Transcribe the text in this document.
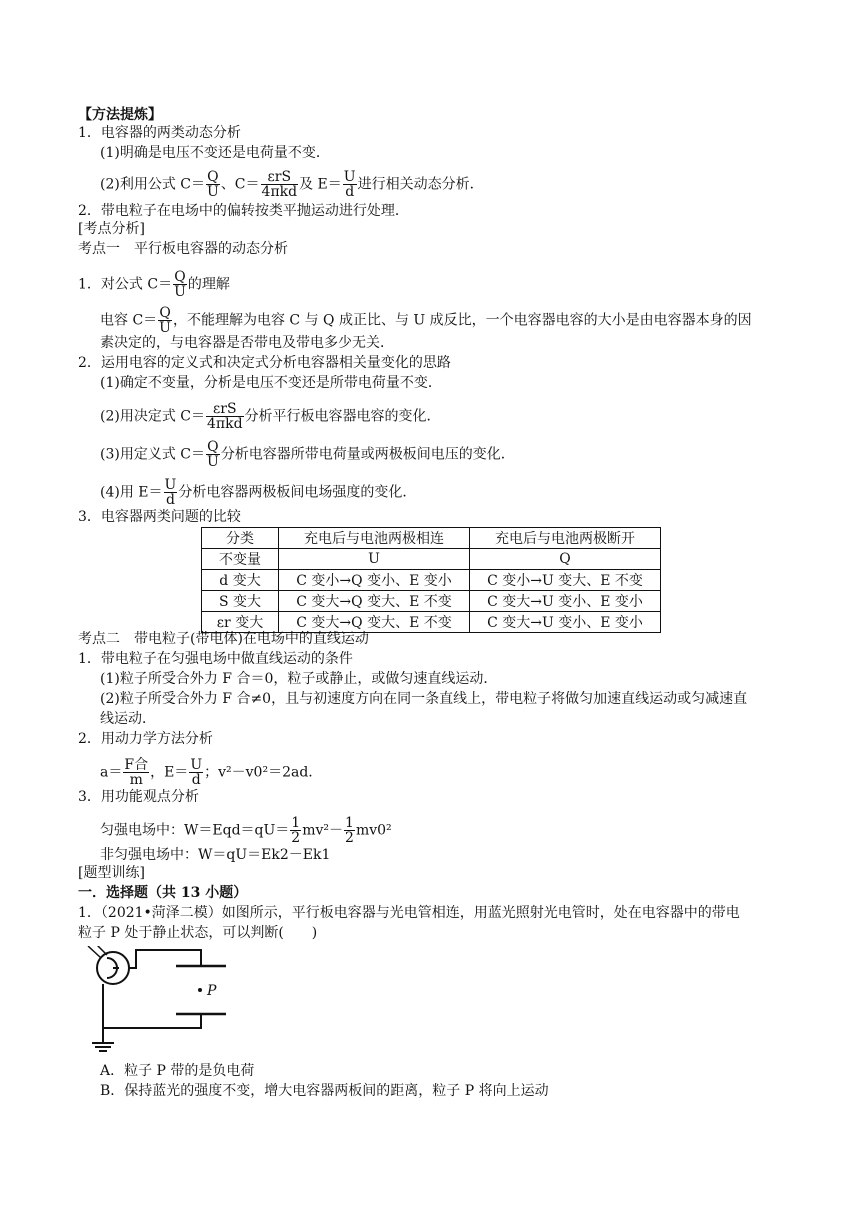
【方法提炼】
1．电容器的两类动态分析
(1)明确是电压不变还是电荷量不变．
(2)利用公式 $C= \frac{Q}{U}$ 、$C= \frac{\text{εrS}}{\text{4πkd}}$ 及 $E= \frac{U}{d}$ 进行相关动态分析．
2．带电粒子在电场中的偏转按类平抛运动进行处理．
[考点分析]
考点一　平行板电容器的动态分析
1．对公式 $C= \frac{Q}{U}$ 的理解
电容 $C= \frac{Q}{U}$ ，不能理解为电容 C 与 Q 成正比、与 U 成反比，一个电容器电容的大小是由电容器本身的因
素决定的，与电容器是否带电及带电多少无关．
2．运用电容的定义式和决定式分析电容器相关量变化的思路
(1)确定不变量，分析是电压不变还是所带电荷量不变．
(2)用决定式 $C= \frac{\text{εrS}}{\text{4πkd}}$ 分析平行板电容器电容的变化．
(3)用定义式 $C= \frac{Q}{U}$ 分析电容器所带电荷量或两极板间电压的变化．
(4)用 $E= \frac{U}{d}$ 分析电容器两极板间电场强度的变化．
3．电容器两类问题的比较
分类	充电后与电池两极相连	充电后与电池两极断开
不变量	U	Q
d 变大	C 变小→Q 变小、E 变小	C 变小→U 变大、E 不变
S 变大	C 变大→Q 变大、E 不变	C 变大→U 变小、E 变小
εr 变大	C 变大→Q 变大、E 不变	C 变大→U 变小、E 变小
考点二　带电粒子(带电体)在电场中的直线运动
1．带电粒子在匀强电场中做直线运动的条件
(1)粒子所受合外力 F 合＝0，粒子或静止，或做匀速直线运动．
(2)粒子所受合外力 F 合≠0，且与初速度方向在同一条直线上，带电粒子将做匀加速直线运动或匀减速直
线运动．
2．用动力学方法分析
$a= \frac{\text{F合}}{m}$ ，$E= \frac{U}{d}$ ；v²－v0²＝2ad.
3．用功能观点分析
匀强电场中：$W=Eqd=qU= \frac{1}{2} mv^2- \frac{1}{2} mv0^2$
非匀强电场中：W＝qU＝Ek2－Ek1
[题型训练]
一．选择题（共 13 小题）
1．（2021•菏泽二模）如图所示，平行板电容器与光电管相连，用蓝光照射光电管时，处在电容器中的带电
粒子 P 处于静止状态，可以判断(　　)
P
A．粒子 P 带的是负电荷
B．保持蓝光的强度不变，增大电容器两板间的距离，粒子 P 将向上运动
